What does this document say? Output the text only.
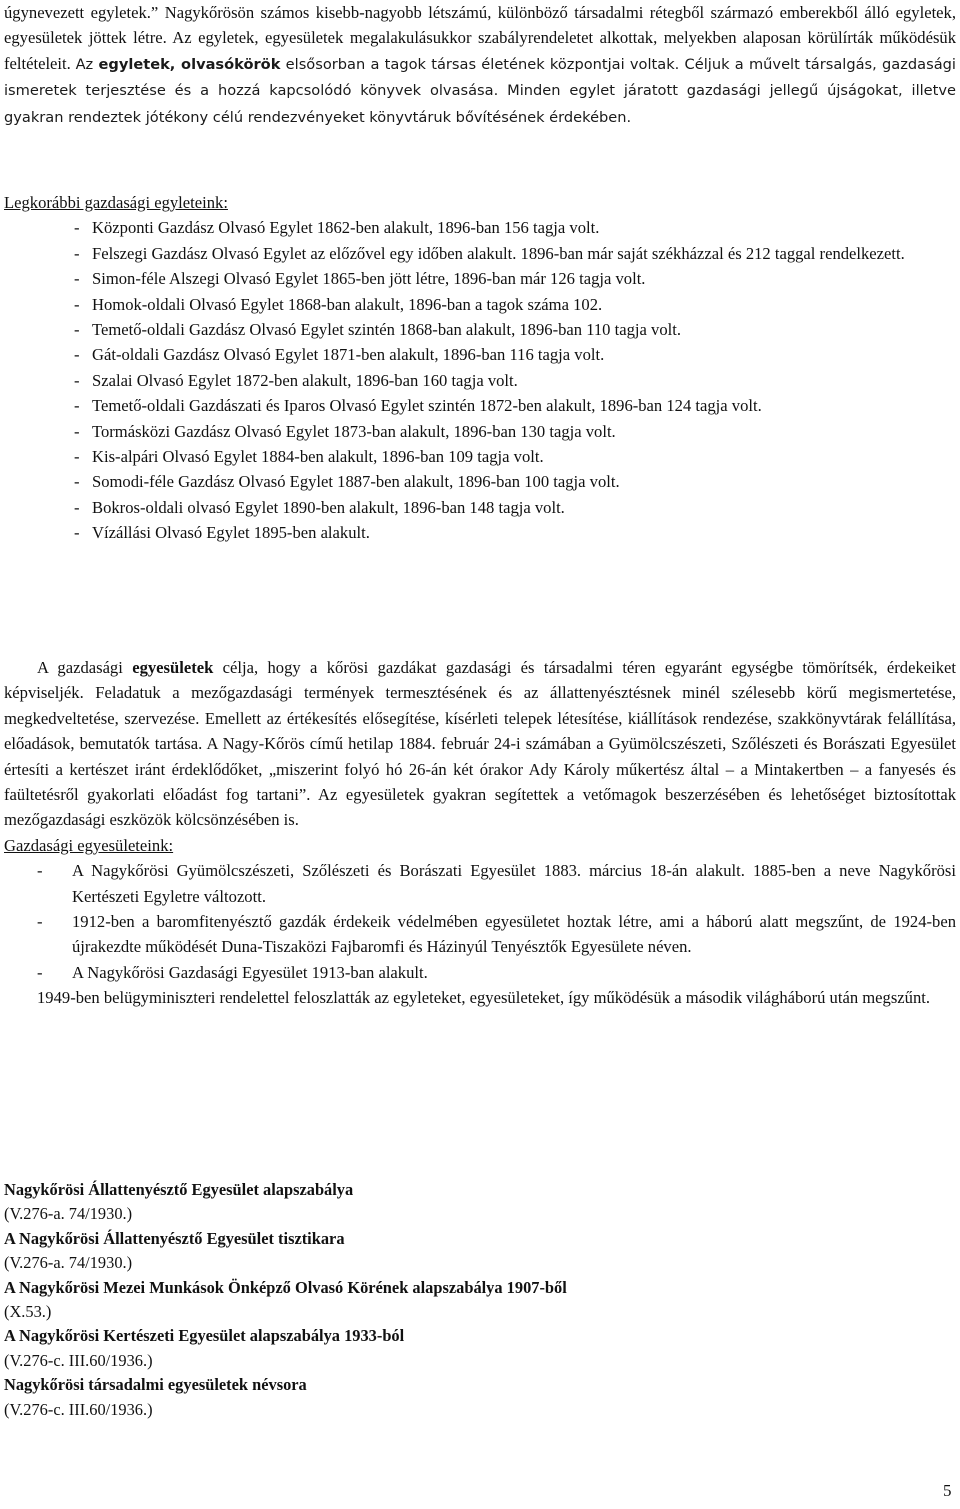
úgynevezett egyletek.” Nagykőrösön számos kisebb-nagyobb létszámú, különböző társadalmi rétegből származó emberekből álló egyletek, egyesületek jöttek létre. Az egyletek, egyesületek megalakulásukkor szabályrendeletet alkottak, melyekben alaposan körülírták működésük feltételeit. Az egyletek, olvasókörök elsősorban a tagok társas életének központjai voltak. Céljuk a művelt társalgás, gazdasági ismeretek terjesztése és a hozzá kapcsolódó könyvek olvasása. Minden egylet járatott gazdasági jellegű újságokat, illetve gyakran rendeztek jótékony célú rendezvényeket könyvtáruk bővítésének érdekében.

Legkorábbi gazdasági egyleteink:
- Központi Gazdász Olvasó Egylet 1862-ben alakult, 1896-ban 156 tagja volt.
- Felszegi Gazdász Olvasó Egylet az előzővel egy időben alakult. 1896-ban már saját székházzal és 212 taggal rendelkezett.
- Simon-féle Alszegi Olvasó Egylet 1865-ben jött létre, 1896-ban már 126 tagja volt.
- Homok-oldali Olvasó Egylet 1868-ban alakult, 1896-ban a tagok száma 102.
- Temető-oldali Gazdász Olvasó Egylet szintén 1868-ban alakult, 1896-ban 110 tagja volt.
- Gát-oldali Gazdász Olvasó Egylet 1871-ben alakult, 1896-ban 116 tagja volt.
- Szalai Olvasó Egylet 1872-ben alakult, 1896-ban 160 tagja volt.
- Temető-oldali Gazdászati és Iparos Olvasó Egylet szintén 1872-ben alakult, 1896-ban 124 tagja volt.
- Tormásközi Gazdász Olvasó Egylet 1873-ban alakult, 1896-ban 130 tagja volt.
- Kis-alpári Olvasó Egylet 1884-ben alakult, 1896-ban 109 tagja volt.
- Somodi-féle Gazdász Olvasó Egylet 1887-ben alakult, 1896-ban 100 tagja volt.
- Bokros-oldali olvasó Egylet 1890-ben alakult, 1896-ban 148 tagja volt.
- Vízállási Olvasó Egylet 1895-ben alakult.

A gazdasági egyesületek célja, hogy a kőrösi gazdákat gazdasági és társadalmi téren egyaránt egységbe tömörítsék, érdekeiket képviseljék. Feladatuk a mezőgazdasági termények termesztésének és az állattenyésztésnek minél szélesebb körű megismertetése, megkedveltetése, szervezése. Emellett az értékesítés elősegítése, kísérleti telepek létesítése, kiállítások rendezése, szakkönyvtárak felállítása, előadások, bemutatók tartása. A Nagy-Kőrös című hetilap 1884. február 24-i számában a Gyümölcszészeti, Szőlészeti és Borászati Egyesület értesíti a kertészet iránt érdeklődőket, „miszerint folyó hó 26-án két órakor Ady Károly műkertész által – a Mintakertben – a fanyesés és faültetésről gyakorlati előadást fog tartani”. Az egyesületek gyakran segítettek a vetőmagok beszerzésében és lehetőséget biztosítottak mezőgazdasági eszközök kölcsönzésében is.

Gazdasági egyesületeink:
- A Nagykőrösi Gyümölcszészeti, Szőlészeti és Borászati Egyesület 1883. március 18-án alakult. 1885-ben a neve Nagykőrösi Kertészeti Egyletre változott.
- 1912-ben a baromfitenyésztő gazdák érdekeik védelmében egyesületet hoztak létre, ami a háború alatt megszűnt, de 1924-ben újrakezdte működését Duna-Tiszaközi Fajbaromfi és Házinyúl Tenyésztők Egyesülete néven.
- A Nagykőrösi Gazdasági Egyesület 1913-ban alakult.

1949-ben belügyminiszteri rendelettel feloszlatták az egyleteket, egyesületeket, így működésük a második világháború után megszűnt.

Nagykőrösi Állattenyésztő Egyesület alapszabálya
(V.276-a. 74/1930.)
A Nagykőrösi Állattenyésztő Egyesület tisztikara
(V.276-a. 74/1930.)
A Nagykőrösi Mezei Munkások Önképző Olvasó Körének alapszabálya 1907-ből
(X.53.)
A Nagykőrösi Kertészeti Egyesület alapszabálya 1933-ból
(V.276-c. III.60/1936.)
Nagykőrösi társadalmi egyesületek névsora
(V.276-c. III.60/1936.)
5
